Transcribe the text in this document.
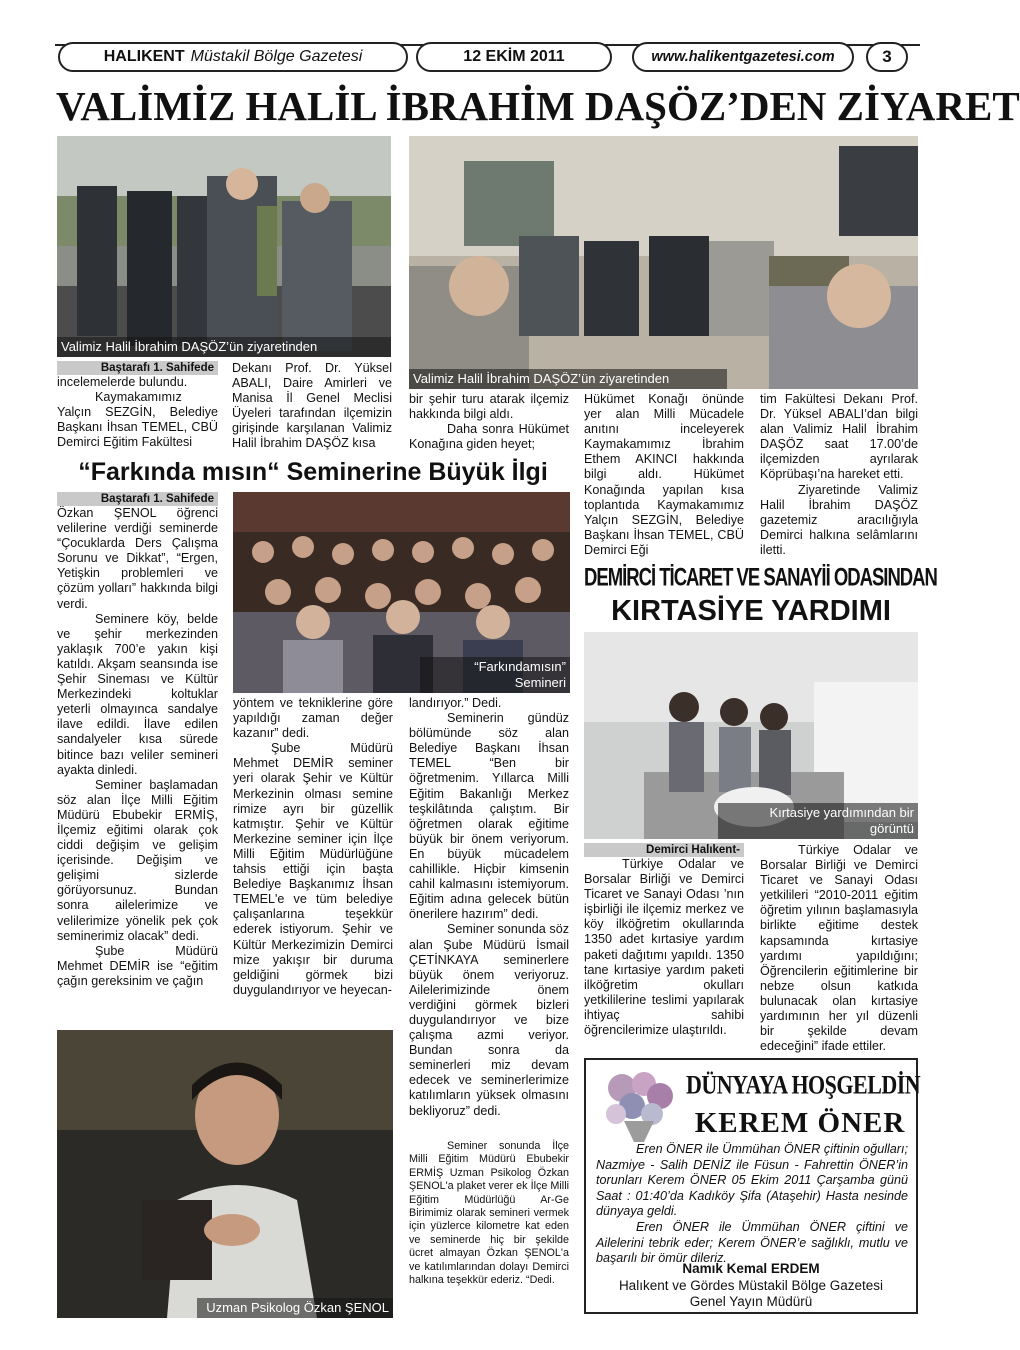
HALIKENT Müstakil Bölge Gazetesi	12 EKİM 2011	www.halikentgazetesi.com	3
VALİMİZ HALİL İBRAHİM DAŞÖZ’DEN ZİYARET
Valimiz Halil İbrahim DAŞÖZ’ün ziyaretinden
Valimiz Halil İbrahim DAŞÖZ’ün ziyaretinden
Baştarafı 1. Sahifede

incelemelerde bulundu.

Kaymakamımız Yalçın SEZGİN, Belediye Başkanı İhsan TEMEL, CBÜ Demirci Eğitim Fakültesi

Dekanı Prof. Dr. Yüksel ABALI, Daire Amirleri ve Manisa İl Genel Meclisi Üyeleri tarafından ilçemizin girişinde karşılanan Valimiz Halil İbrahim DAŞÖZ kısa

bir şehir turu atarak ilçemiz hakkında bilgi aldı.

Daha sonra Hükümet Konağına giden heyet;

Hükümet Konağı önünde yer alan Milli Mücadele anıtını inceleyerek Kaymakamımız İbrahim Ethem AKINCI hakkında bilgi aldı. Hükümet Konağında yapılan kısa toplantıda Kaymakamımız Yalçın SEZGİN, Belediye Başkanı İhsan TEMEL, CBÜ Demirci Eği

tim Fakültesi Dekanı Prof. Dr. Yüksel ABALI’dan bilgi alan Valimiz Halil İbrahim DAŞÖZ saat 17.00’de ilçemizden ayrılarak Köprübaşı’na hareket etti.

Ziyaretinde Valimiz Halil İbrahim DAŞÖZ gazetemiz aracılığıyla Demirci halkına selâmlarını iletti.

“Farkında mısın“ Seminerine Büyük İlgi
“Farkındamısın” Semineri
Baştarafı 1. Sahifede

Özkan ŞENOL öğrenci velilerine verdiği seminerde “Çocuklarda Ders Çalışma Sorunu ve Dikkat”, “Ergen, Yetişkin problemleri ve çözüm yolları” hakkında bilgi verdi.

Seminere köy, belde ve şehir merkezinden yaklaşık 700’e yakın kişi katıldı. Akşam seansında ise Şehir Sineması ve Kültür Merkezindeki koltuklar yeterli olmayınca sandalye ilave edildi. İlave edilen sandalyeler kısa sürede bitince bazı veliler semineri ayakta dinledi.

Seminer başlamadan söz alan İlçe Milli Eğitim Müdürü Ebubekir ERMİŞ, İlçemiz eğitimi olarak çok ciddi değişim ve gelişim içerisinde. Değişim ve gelişimi sizlerde görüyorsunuz. Bundan sonra ailelerimize ve velilerimize yönelik pek çok seminerimiz olacak” dedi.

Şube Müdürü Mehmet DEMİR ise “eğitim çağın gereksinim ve çağın

yöntem ve tekniklerine göre yapıldığı zaman değer kazanır” dedi.

Şube Müdürü Mehmet DEMİR seminer yeri olarak Şehir ve Kültür Merkezinin olması semine rimize ayrı bir güzellik katmıştır. Şehir ve Kültür Merkezine seminer için İlçe Milli Eğitim Müdürlüğüne tahsis ettiği için başta Belediye Başkanımız İhsan TEMEL'e ve tüm belediye çalışanlarına teşekkür ederek istiyorum. Şehir ve Kültür Merkezimizin Demirci mize yakışır bir duruma geldiğini görmek bizi duygulandırıyor ve heyecan-

landırıyor.” Dedi.

Seminerin gündüz bölümünde söz alan Belediye Başkanı İhsan TEMEL “Ben bir öğretmenim. Yıllarca Milli Eğitim Bakanlığı Merkez teşkilâtında çalıştım. Bir öğretmen olarak eğitime büyük bir önem veriyorum. En büyük mücadelem cahillikle. Hiçbir kimsenin cahil kalmasını istemiyorum. Eğitim adına gelecek bütün önerilere hazırım” dedi.

Seminer sonunda söz alan Şube Müdürü İsmail ÇETİNKAYA seminerlere büyük önem veriyoruz. Ailelerimizinde önem verdiğini görmek bizleri duygulandırıyor ve bize çalışma azmi veriyor. Bundan sonra da seminerleri miz devam edecek ve seminerlerimize katılımların yüksek olmasını bekliyoruz” dedi.

Seminer sonunda İlçe Milli Eğitim Müdürü Ebubekir ERMİŞ Uzman Psikolog Özkan ŞENOL'a plaket verer ek İlçe Milli Eğitim Müdürlüğü Ar-Ge Birimimiz olarak semineri vermek için yüzlerce kilometre kat eden ve seminerde hiç bir şekilde ücret almayan Özkan ŞENOL'a ve katılımlarından dolayı Demirci halkına teşekkür ederiz. “Dedi.

Uzman Psikolog Özkan ŞENOL
DEMİRCİ TİCARET VE SANAYİİ ODASINDAN
KIRTASİYE YARDIMI
Kırtasiye yardımından bir görüntü
Demirci Halıkent-

Türkiye Odalar ve Borsalar Birliği ve Demirci Ticaret ve Sanayi Odası ’nın işbirliği ile ilçemiz merkez ve köy ilköğretim okullarında 1350 adet kırtasiye yardım paketi dağıtımı yapıldı. 1350 tane kırtasiye yardım paketi ilköğretim okulları yetkililerine teslimi yapılarak ihtiyaç sahibi öğrencilerimize ulaştırıldı.

Türkiye Odalar ve Borsalar Birliği ve Demirci Ticaret ve Sanayi Odası yetkilileri “2010-2011 eğitim öğretim yılının başlamasıyla birlikte eğitime destek kapsamında kırtasiye yardımı yapıldığını; Öğrencilerin eğitimlerine bir nebze olsun katkıda bulunacak olan kırtasiye yardımının her yıl düzenli bir şekilde devam edeceğini” ifade ettiler.

DÜNYAYA HOŞGELDİN
KEREM ÖNER
Eren ÖNER ile Ümmühan ÖNER çiftinin oğulları; Nazmiye - Salih DENİZ ile Füsun - Fahrettin ÖNER’in torunları Kerem ÖNER 05 Ekim 2011 Çarşamba günü Saat : 01:40’da Kadıköy Şifa (Ataşehir) Hasta nesinde dünyaya geldi.
Eren ÖNER ile Ümmühan ÖNER çiftini ve Ailelerini tebrik eder; Kerem ÖNER’e sağlıklı, mutlu ve başarılı bir ömür dileriz.
Namık Kemal ERDEM
Halıkent ve Gördes Müstakil Bölge Gazetesi
Genel Yayın Müdürü
